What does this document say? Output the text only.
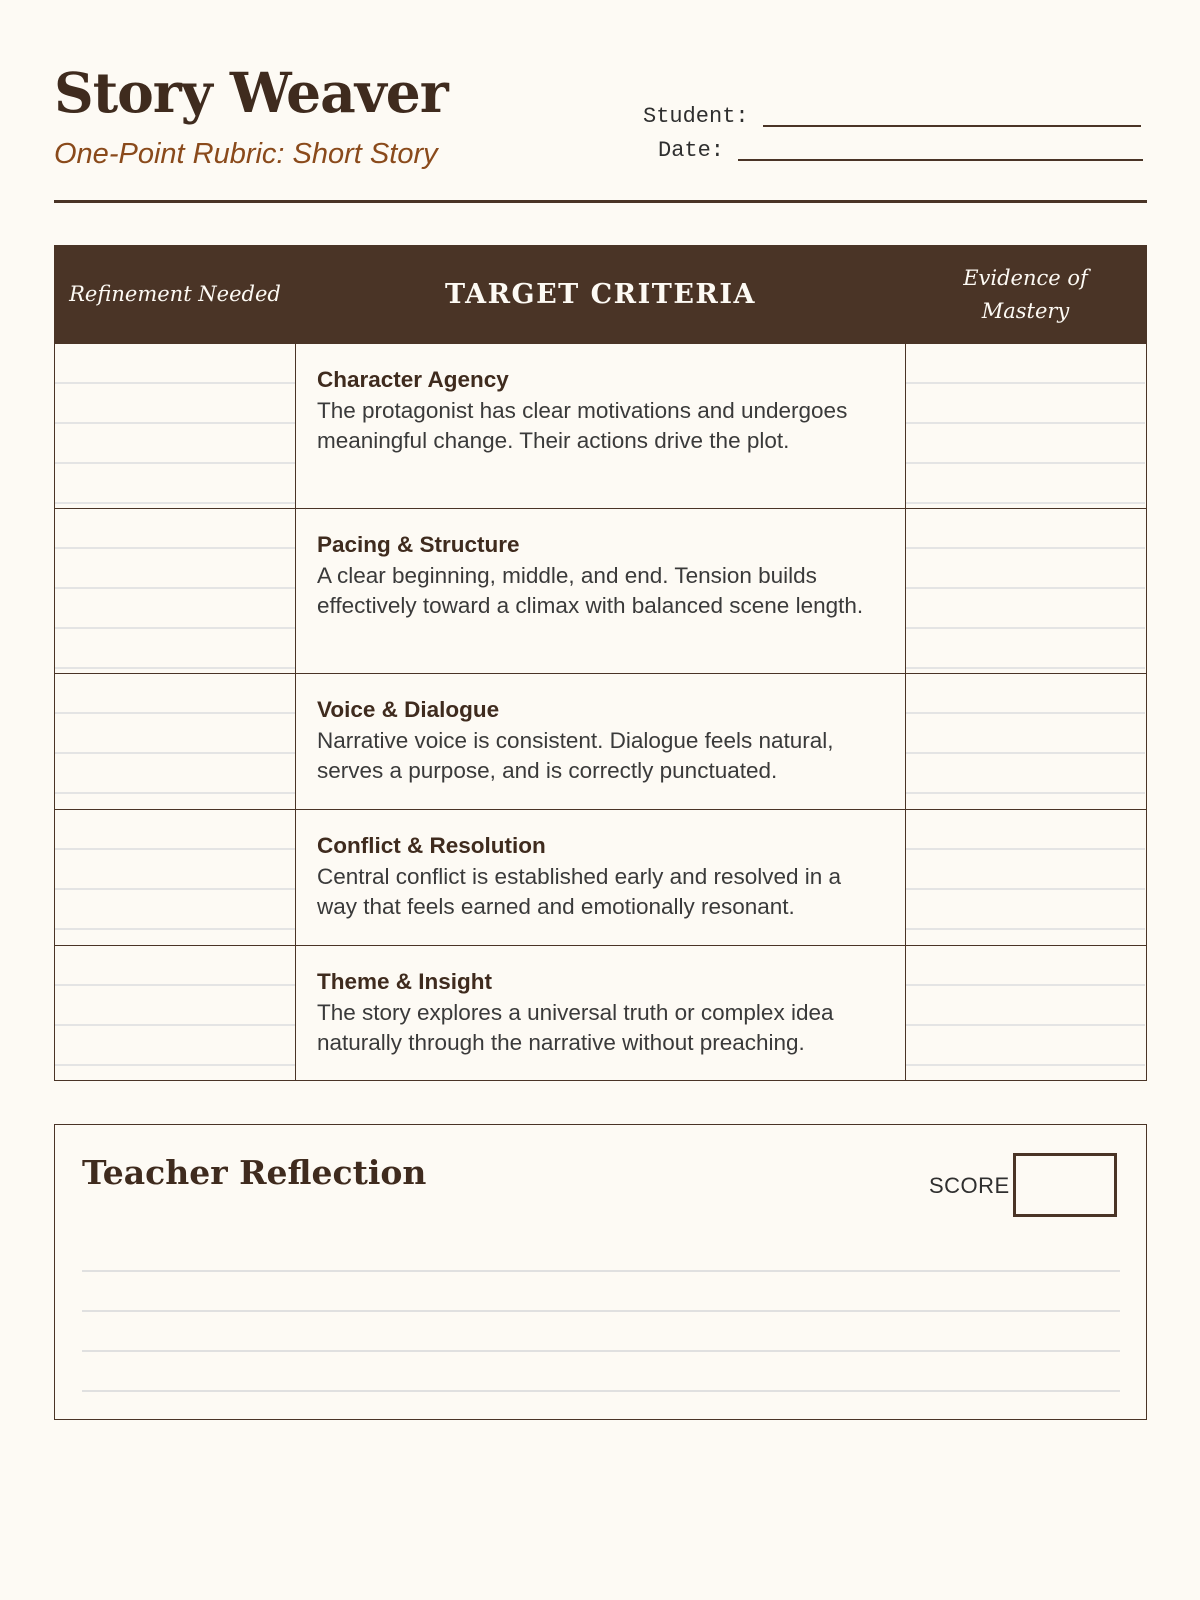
Story Weaver
One-Point Rubric: Short Story
Student:
Date:
Refinement Needed	TARGET CRITERIA
Evidence of Mastery
Character Agency
The protagonist has clear motivations and undergoes meaningful change. Their actions drive the plot.
Pacing & Structure
A clear beginning, middle, and end. Tension builds effectively toward a climax with balanced scene length.
Voice & Dialogue
Narrative voice is consistent. Dialogue feels natural, serves a purpose, and is correctly punctuated.
Conflict & Resolution
Central conflict is established early and resolved in a way that feels earned and emotionally resonant.
Theme & Insight
The story explores a universal truth or complex idea naturally through the narrative without preaching.
Teacher Reflection	SCORE
